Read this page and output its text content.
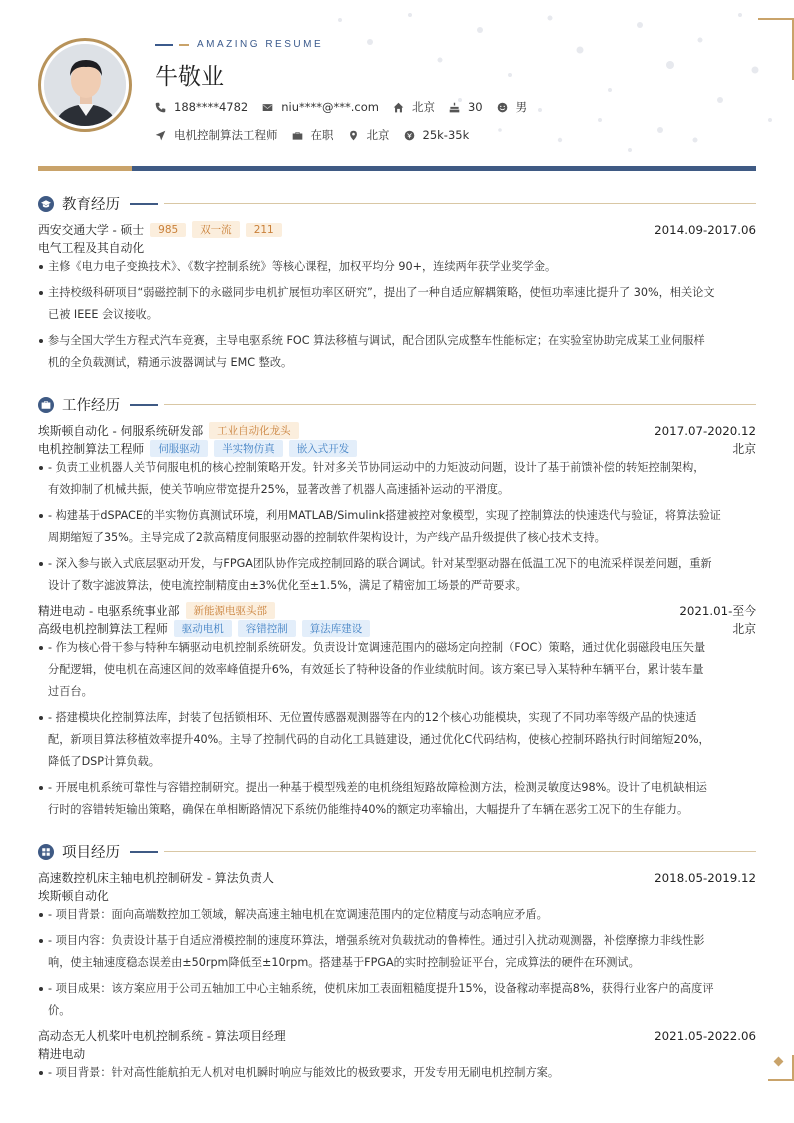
AMAZING RESUME
牛敬业
188****4782	niu****@***.com	北京	30	男
电机控制算法工程师	在职	北京	25k-35k
教育经历
西安交通大学 - 硕士	985	双一流	211	2014.09-2017.06
电气工程及其自动化
主修《电力电子变换技术》、《数字控制系统》等核心课程，加权平均分 90+，连续两年获学业奖学金。
主持校级科研项目“弱磁控制下的永磁同步电机扩展恒功率区研究”，提出了一种自适应解耦策略，使恒功率速比提升了 30%，相关论文
已被 IEEE 会议接收。
参与全国大学生方程式汽车竞赛，主导电驱系统 FOC 算法移植与调试，配合团队完成整车性能标定；在实验室协助完成某工业伺服样
机的全负载测试，精通示波器调试与 EMC 整改。
工作经历
埃斯顿自动化 - 伺服系统研发部	工业自动化龙头	2017.07-2020.12
电机控制算法工程师	伺服驱动	半实物仿真	嵌入式开发	北京
- 负责工业机器人关节伺服电机的核心控制策略开发。针对多关节协同运动中的力矩波动问题，设计了基于前馈补偿的转矩控制架构，
有效抑制了机械共振，使关节响应带宽提升25%，显著改善了机器人高速插补运动的平滑度。
- 构建基于dSPACE的半实物仿真测试环境，利用MATLAB/Simulink搭建被控对象模型，实现了控制算法的快速迭代与验证，将算法验证
周期缩短了35%。主导完成了2款高精度伺服驱动器的控制软件架构设计，为产线产品升级提供了核心技术支持。
- 深入参与嵌入式底层驱动开发，与FPGA团队协作完成控制回路的联合调试。针对某型驱动器在低温工况下的电流采样误差问题，重新
设计了数字滤波算法，使电流控制精度由±3%优化至±1.5%，满足了精密加工场景的严苛要求。
精进电动 - 电驱系统事业部	新能源电驱头部	2021.01-至今
高级电机控制算法工程师	驱动电机	容错控制	算法库建设	北京
- 作为核心骨干参与特种车辆驱动电机控制系统研发。负责设计宽调速范围内的磁场定向控制（FOC）策略，通过优化弱磁段电压矢量
分配逻辑，使电机在高速区间的效率峰值提升6%，有效延长了特种设备的作业续航时间。该方案已导入某特种车辆平台，累计装车量
过百台。
- 搭建模块化控制算法库，封装了包括锁相环、无位置传感器观测器等在内的12个核心功能模块，实现了不同功率等级产品的快速适
配，新项目算法移植效率提升40%。主导了控制代码的自动化工具链建设，通过优化C代码结构，使核心控制环路执行时间缩短20%，
降低了DSP计算负载。
- 开展电机系统可靠性与容错控制研究。提出一种基于模型残差的电机绕组短路故障检测方法，检测灵敏度达98%。设计了电机缺相运
行时的容错转矩输出策略，确保在单相断路情况下系统仍能维持40%的额定功率输出，大幅提升了车辆在恶劣工况下的生存能力。
项目经历
高速数控机床主轴电机控制研发 - 算法负责人	2018.05-2019.12
埃斯顿自动化
- 项目背景：面向高端数控加工领域，解决高速主轴电机在宽调速范围内的定位精度与动态响应矛盾。
- 项目内容：负责设计基于自适应滑模控制的速度环算法，增强系统对负载扰动的鲁棒性。通过引入扰动观测器，补偿摩擦力非线性影
响，使主轴速度稳态误差由±50rpm降低至±10rpm。搭建基于FPGA的实时控制验证平台，完成算法的硬件在环测试。
- 项目成果：该方案应用于公司五轴加工中心主轴系统，使机床加工表面粗糙度提升15%，设备稼动率提高8%，获得行业客户的高度评
价。
高动态无人机桨叶电机控制系统 - 算法项目经理	2021.05-2022.06
精进电动
- 项目背景：针对高性能航拍无人机对电机瞬时响应与能效比的极致要求，开发专用无刷电机控制方案。
